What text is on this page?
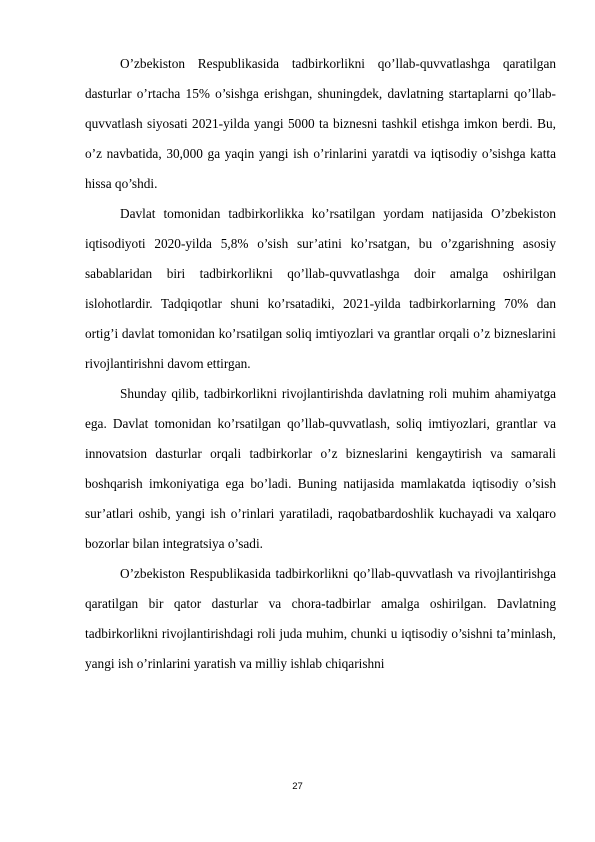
O’zbekiston Respublikasida tadbirkorlikni qo’llab-quvvatlashga qaratilgan dasturlar o’rtacha 15% o’sishga erishgan, shuningdek, davlatning startaplarni qo’llab-quvvatlash siyosati 2021-yilda yangi 5000 ta biznesni tashkil etishga imkon berdi. Bu, o’z navbatida, 30,000 ga yaqin yangi ish o’rinlarini yaratdi va iqtisodiy o’sishga katta hissa qo’shdi.

Davlat tomonidan tadbirkorlikka ko’rsatilgan yordam natijasida O’zbekiston iqtisodiyoti 2020-yilda 5,8% o’sish sur’atini ko’rsatgan, bu o’zgarishning asosiy sabablaridan biri tadbirkorlikni qo’llab-quvvatlashga doir amalga oshirilgan islohotlardir. Tadqiqotlar shuni ko’rsatadiki, 2021-yilda tadbirkorlarning 70% dan ortig’i davlat tomonidan ko’rsatilgan soliq imtiyozlari va grantlar orqali o’z bizneslarini rivojlantirishni davom ettirgan.

Shunday qilib, tadbirkorlikni rivojlantirishda davlatning roli muhim ahamiyatga ega. Davlat tomonidan ko’rsatilgan qo’llab-quvvatlash, soliq imtiyozlari, grantlar va innovatsion dasturlar orqali tadbirkorlar o’z bizneslarini kengaytirish va samarali boshqarish imkoniyatiga ega bo’ladi. Buning natijasida mamlakatda iqtisodiy o’sish sur’atlari oshib, yangi ish o’rinlari yaratiladi, raqobatbardoshlik kuchayadi va xalqaro bozorlar bilan integratsiya o’sadi.

O’zbekiston Respublikasida tadbirkorlikni qo’llab-quvvatlash va rivojlantirishga qaratilgan bir qator dasturlar va chora-tadbirlar amalga oshirilgan. Davlatning tadbirkorlikni rivojlantirishdagi roli juda muhim, chunki u iqtisodiy o’sishni ta’minlash, yangi ish o’rinlarini yaratish va milliy ishlab chiqarishni

27
